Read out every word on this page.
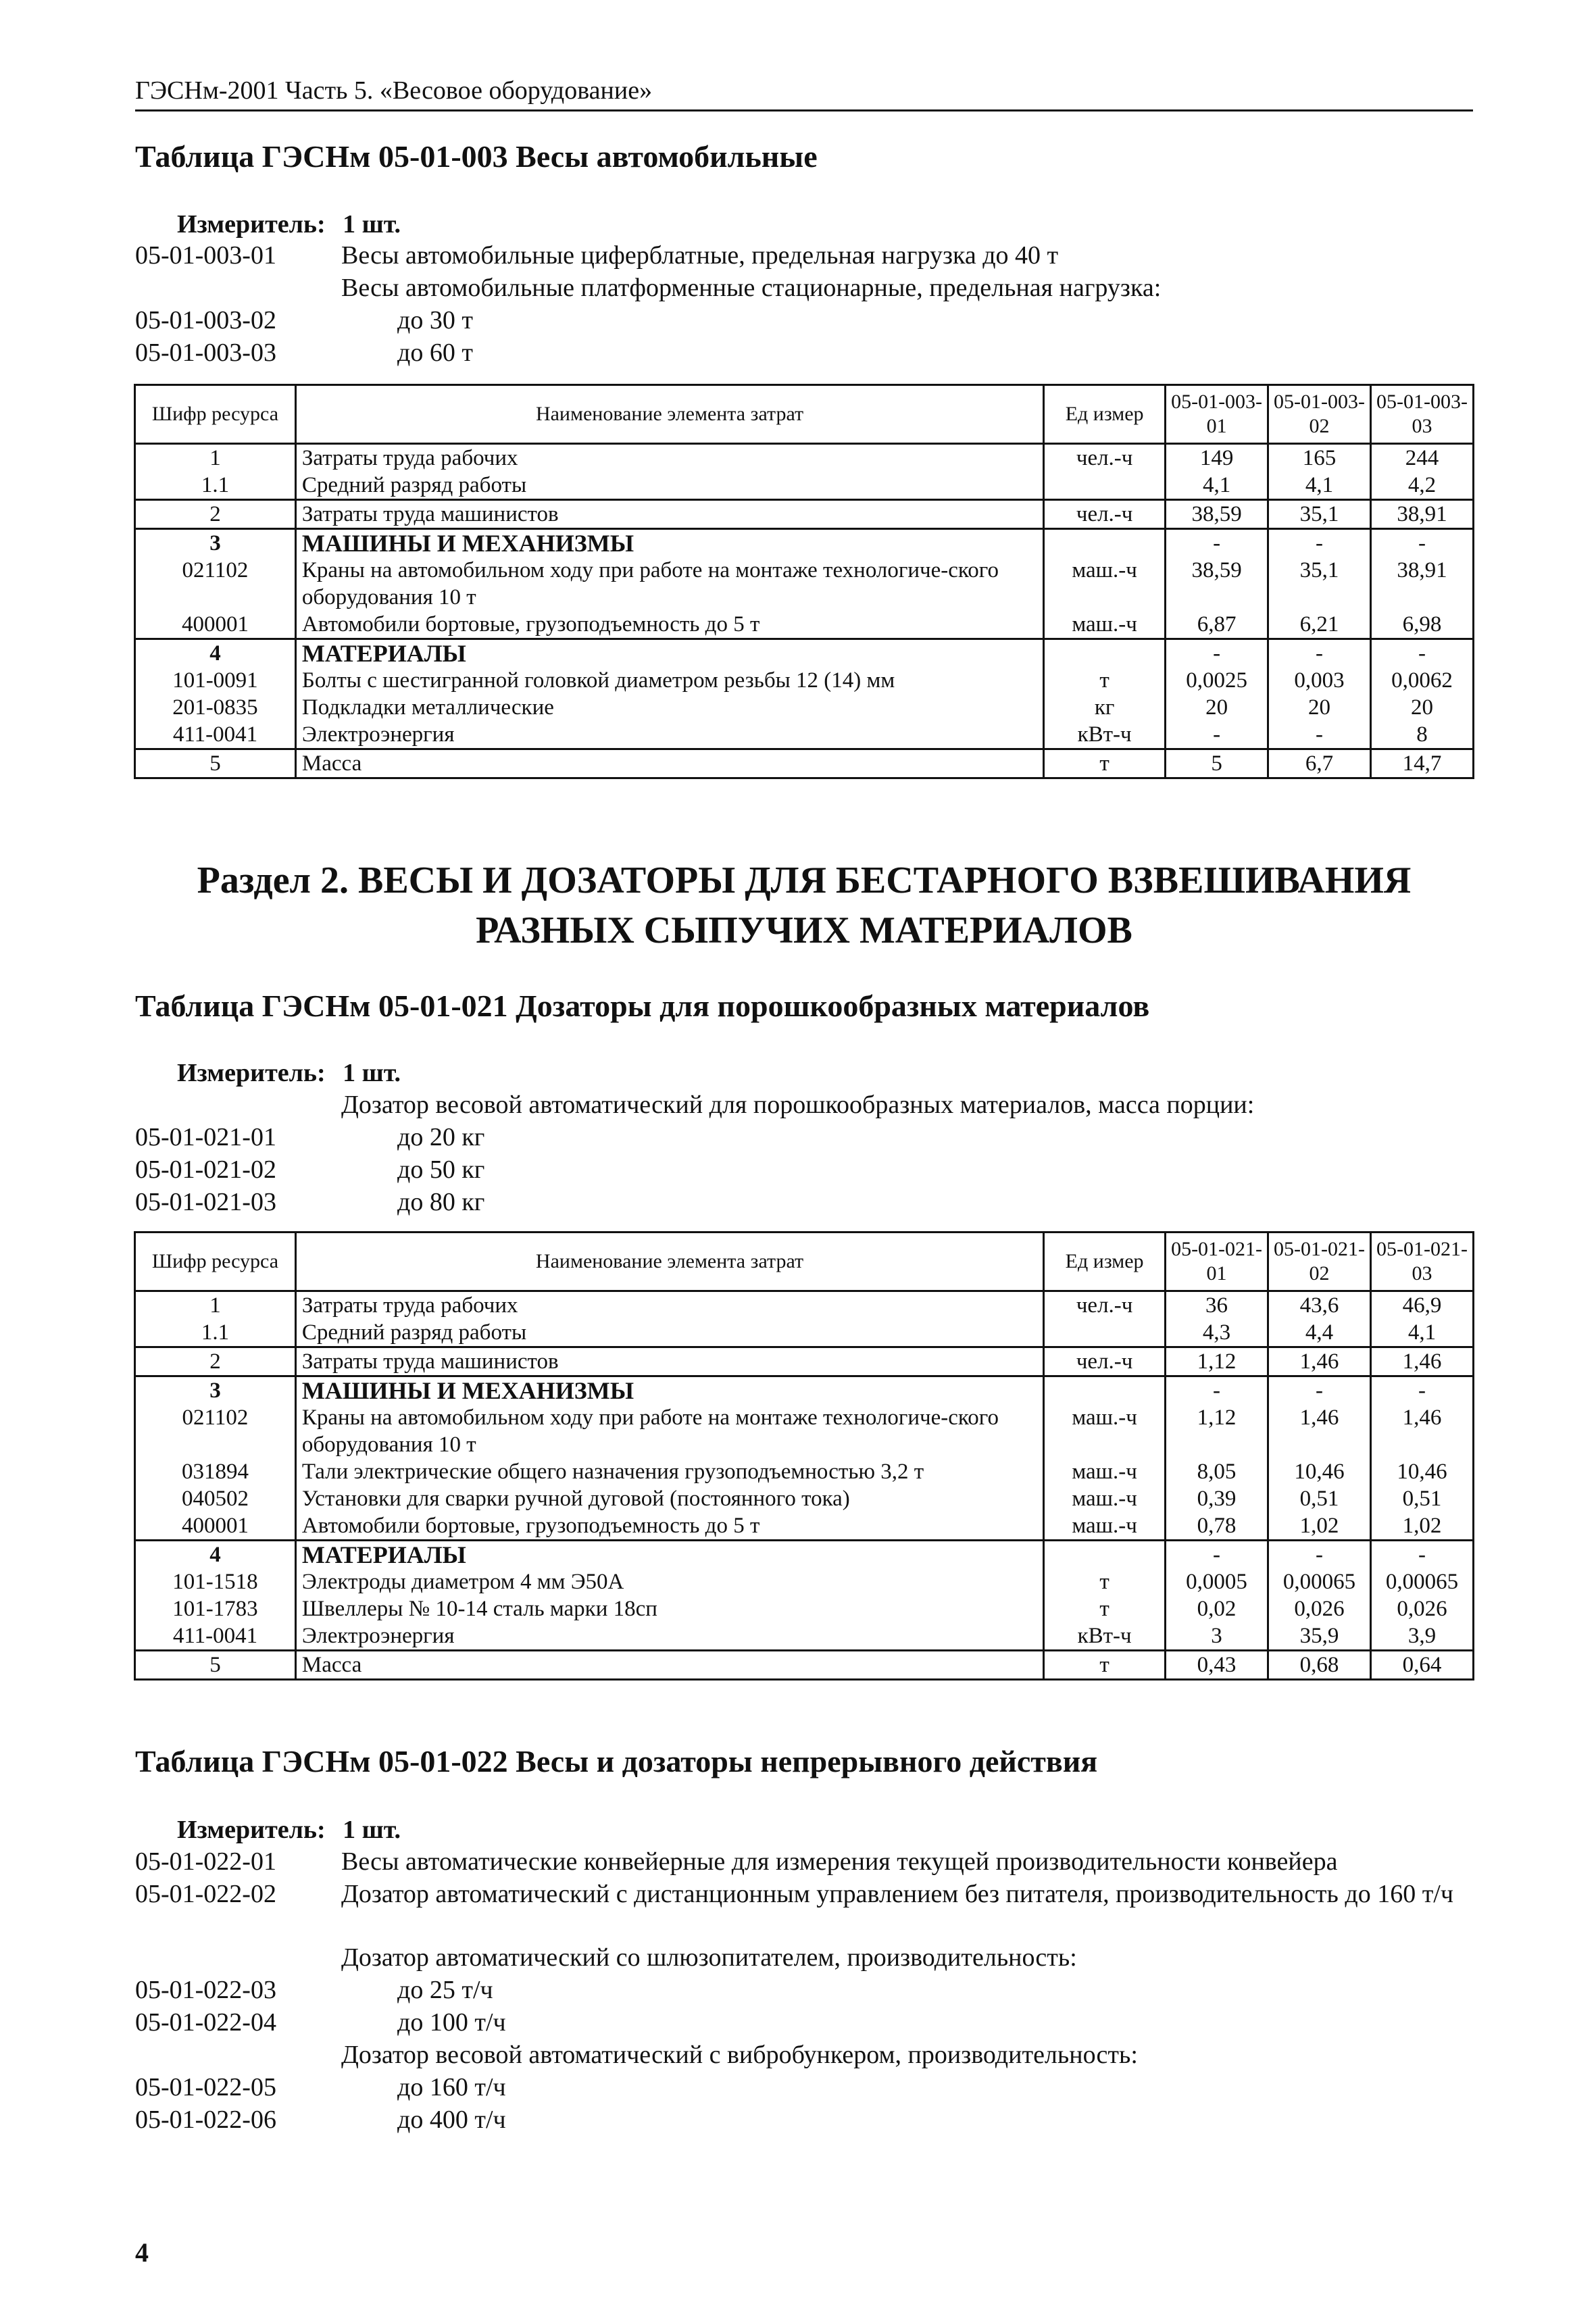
ГЭСНм-2001 Часть 5. «Весовое оборудование»
Таблица ГЭСНм 05-01-003 Весы автомобильные
Измеритель: 1 шт.
05-01-003-01	Весы автомобильные циферблатные, предельная нагрузка до 40 т
Весы автомобильные платформенные стационарные, предельная нагрузка:
05-01-003-02	до 30 т
05-01-003-03	до 60 т
Шифр ресурса	Наименование элемента затрат	Ед измер	05-01-003-01	05-01-003-02	05-01-003-03
1	Затраты труда рабочих	чел.-ч	149	165	244
1.1	Средний разряд работы		4,1	4,1	4,2
2	Затраты труда машинистов	чел.-ч	38,59	35,1	38,91
3	МАШИНЫ И МЕХАНИЗМЫ		-	-	-
021102	Краны на автомобильном ходу при работе на монтаже технологиче-ского оборудования 10 т	маш.-ч	38,59	35,1	38,91
400001	Автомобили бортовые, грузоподъемность до 5 т	маш.-ч	6,87	6,21	6,98
4	МАТЕРИАЛЫ		-	-	-
101-0091	Болты с шестигранной головкой диаметром резьбы 12 (14) мм	т	0,0025	0,003	0,0062
201-0835	Подкладки металлические	кг	20	20	20
411-0041	Электроэнергия	кВт-ч	-	-	8
5	Масса	т	5	6,7	14,7
Раздел 2. ВЕСЫ И ДОЗАТОРЫ ДЛЯ БЕСТАРНОГО ВЗВЕШИВАНИЯ
РАЗНЫХ СЫПУЧИХ МАТЕРИАЛОВ
Таблица ГЭСНм 05-01-021 Дозаторы для порошкообразных материалов
Измеритель: 1 шт.
Дозатор весовой автоматический для порошкообразных материалов, масса порции:
05-01-021-01	до 20 кг
05-01-021-02	до 50 кг
05-01-021-03	до 80 кг
Шифр ресурса	Наименование элемента затрат	Ед измер	05-01-021-01	05-01-021-02	05-01-021-03
1	Затраты труда рабочих	чел.-ч	36	43,6	46,9
1.1	Средний разряд работы		4,3	4,4	4,1
2	Затраты труда машинистов	чел.-ч	1,12	1,46	1,46
3	МАШИНЫ И МЕХАНИЗМЫ		-	-	-
021102	Краны на автомобильном ходу при работе на монтаже технологиче-ского оборудования 10 т	маш.-ч	1,12	1,46	1,46
031894	Тали электрические общего назначения грузоподъемностью 3,2 т	маш.-ч	8,05	10,46	10,46
040502	Установки для сварки ручной дуговой (постоянного тока)	маш.-ч	0,39	0,51	0,51
400001	Автомобили бортовые, грузоподъемность до 5 т	маш.-ч	0,78	1,02	1,02
4	МАТЕРИАЛЫ		-	-	-
101-1518	Электроды диаметром 4 мм Э50А	т	0,0005	0,00065	0,00065
101-1783	Швеллеры № 10-14 сталь марки 18сп	т	0,02	0,026	0,026
411-0041	Электроэнергия	кВт-ч	3	35,9	3,9
5	Масса	т	0,43	0,68	0,64
Таблица ГЭСНм 05-01-022 Весы и дозаторы непрерывного действия
Измеритель: 1 шт.
05-01-022-01	Весы автоматические конвейерные для измерения текущей производительности конвейера
05-01-022-02	Дозатор автоматический с дистанционным управлением без питателя, производительность до 160 т/ч
Дозатор автоматический со шлюзопитателем, производительность:
05-01-022-03	до 25 т/ч
05-01-022-04	до 100 т/ч
Дозатор весовой автоматический с вибробункером, производительность:
05-01-022-05	до 160 т/ч
05-01-022-06	до 400 т/ч
4
